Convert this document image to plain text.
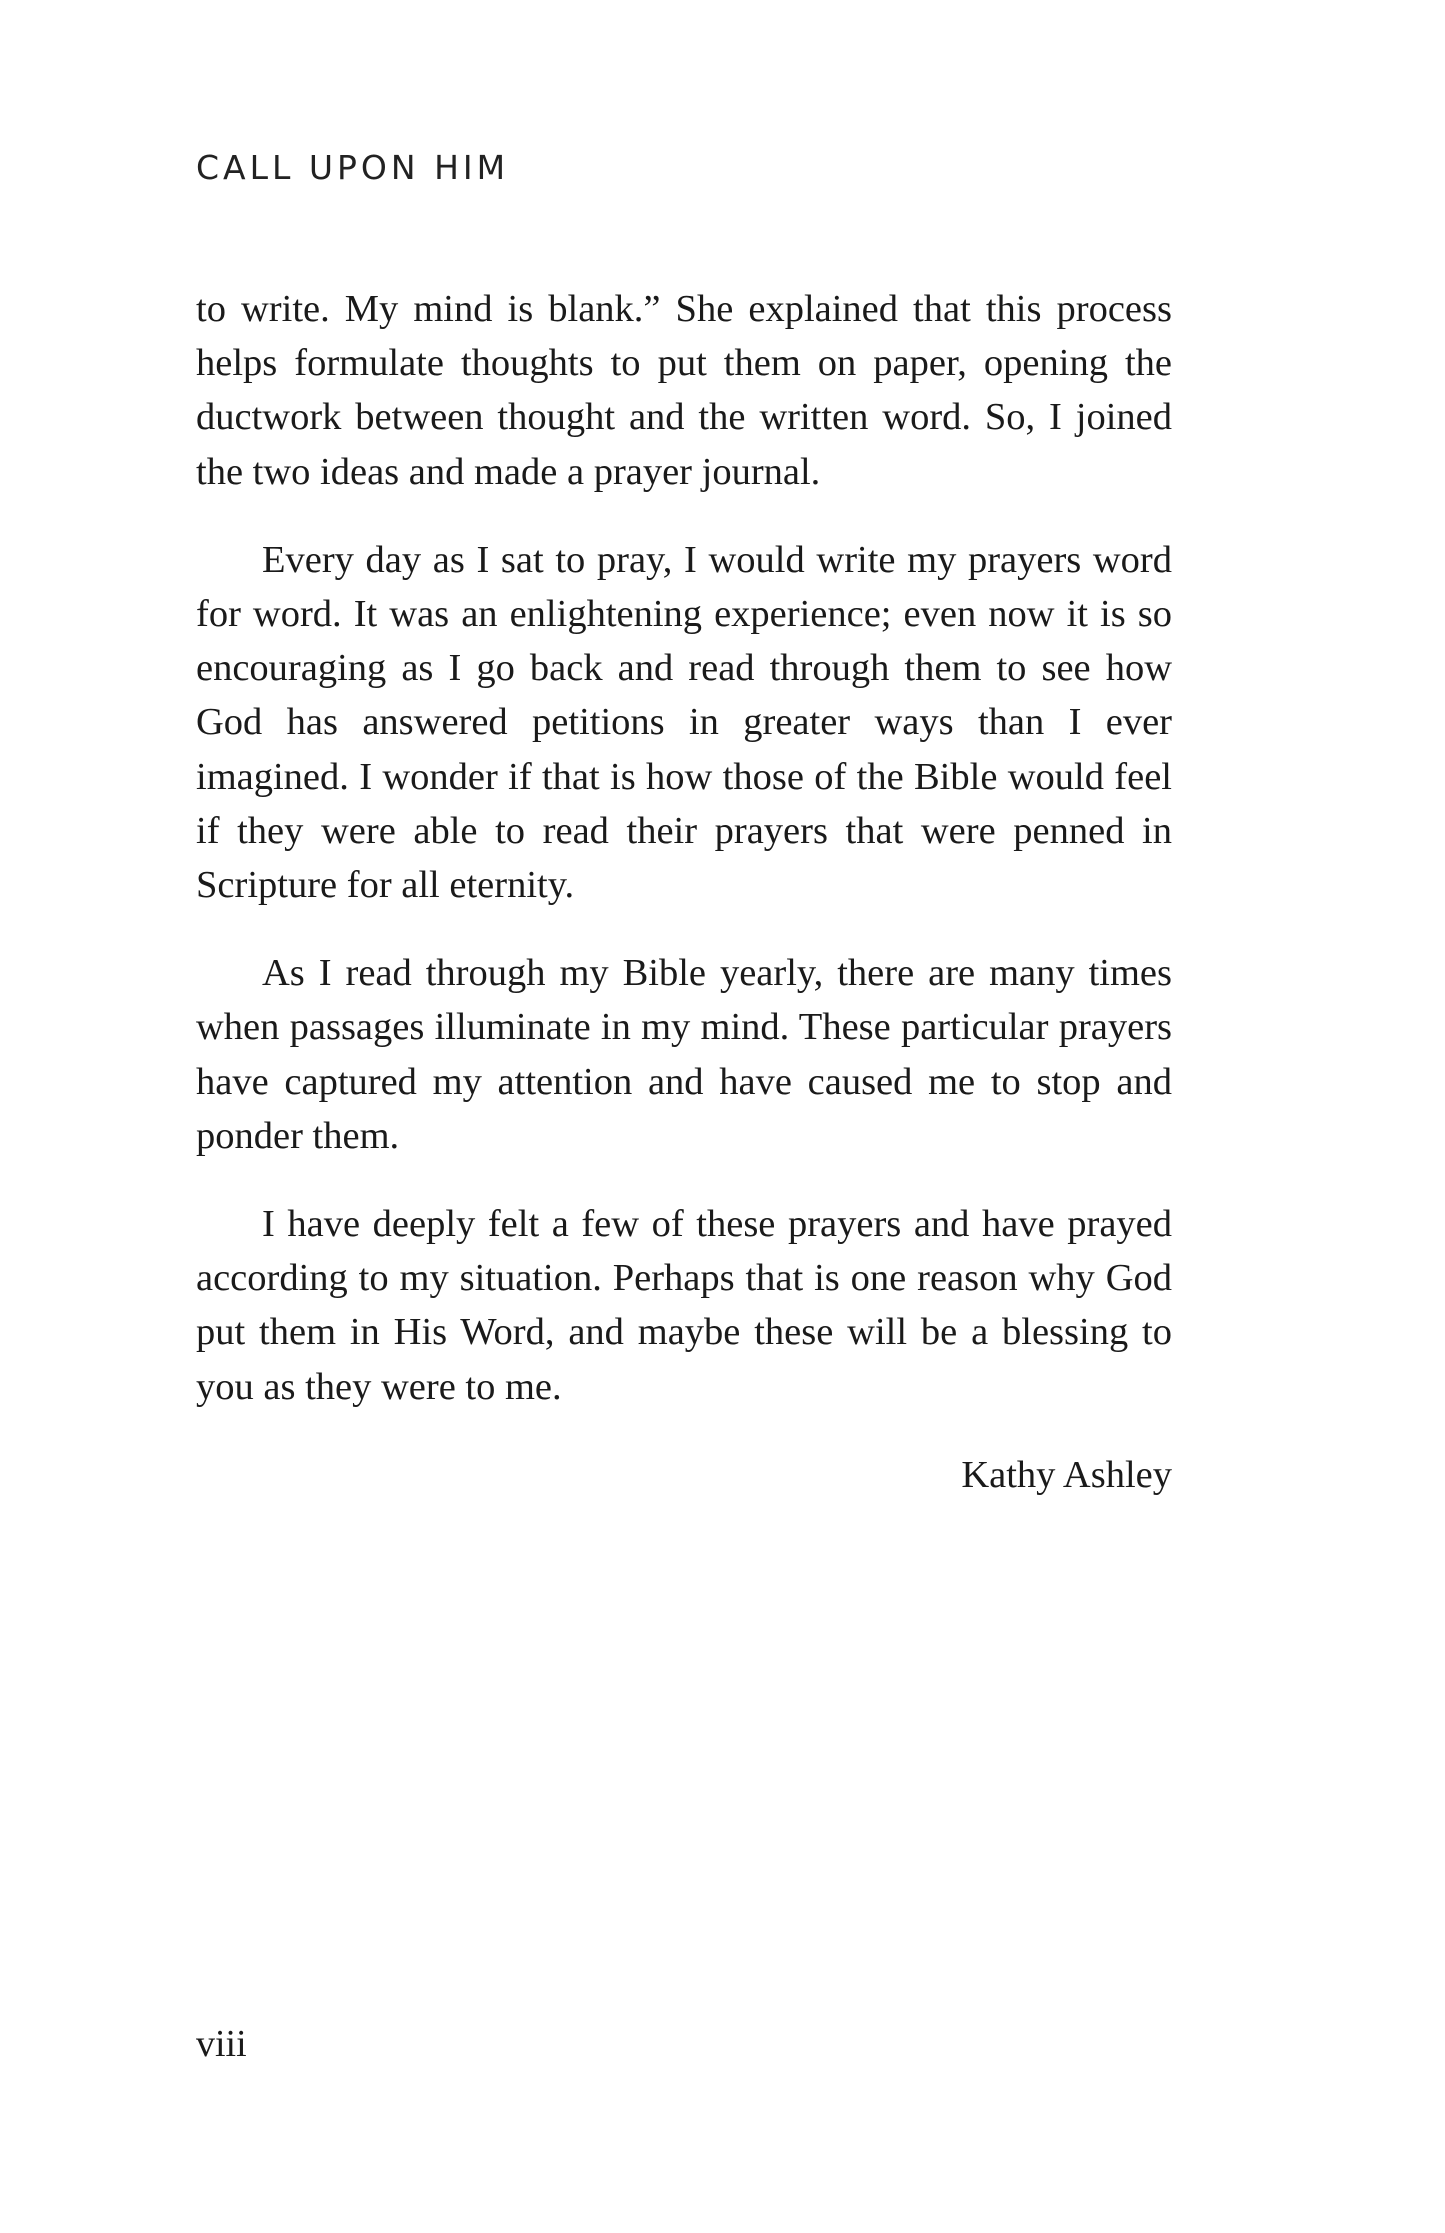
CALL UPON HIM

to write. My mind is blank.” She explained that this process helps formulate thoughts to put them on paper, opening the ductwork between thought and the written word. So, I joined the two ideas and made a prayer journal.

Every day as I sat to pray, I would write my prayers word for word. It was an enlightening experience; even now it is so encouraging as I go back and read through them to see how God has answered petitions in greater ways than I ever imagined. I wonder if that is how those of the Bible would feel if they were able to read their prayers that were penned in Scripture for all eternity.

As I read through my Bible yearly, there are many times when passages illuminate in my mind. These particular prayers have captured my attention and have caused me to stop and ponder them.

I have deeply felt a few of these prayers and have prayed according to my situation. Perhaps that is one reason why God put them in His Word, and maybe these will be a blessing to you as they were to me.

Kathy Ashley

viii
